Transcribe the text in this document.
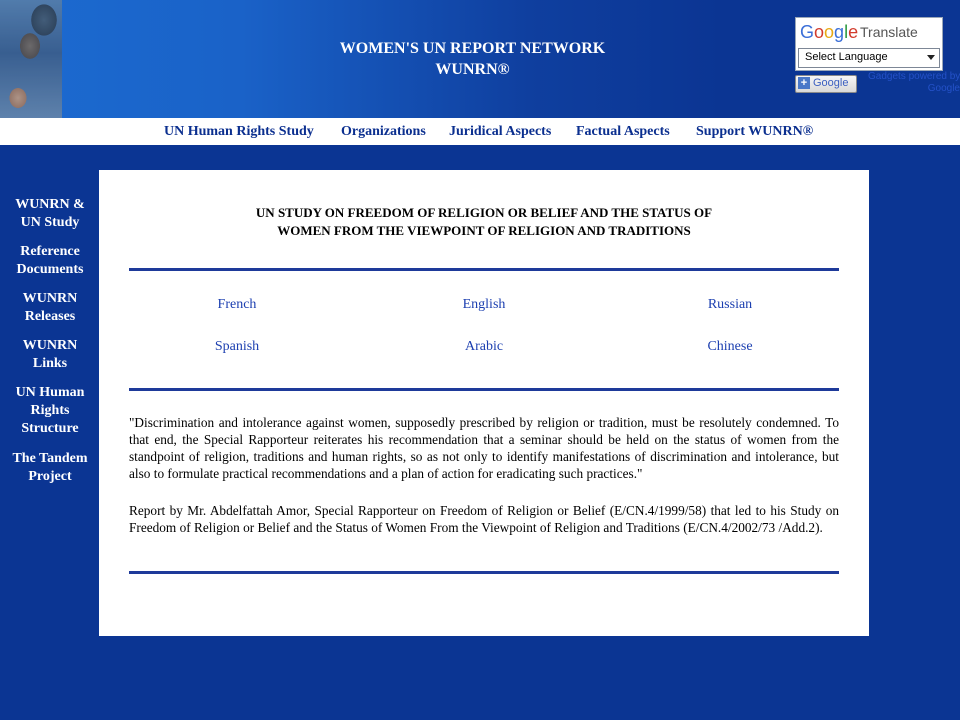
WOMEN'S UN REPORT NETWORK
WUNRN®
Google Translate
Select Language
+ Google
Gadgets powered by
Google
UN Human Rights Study Organizations Juridical Aspects Factual Aspects Support WUNRN®
WUNRN &
UN Study
Reference
Documents
WUNRN
Releases
WUNRN
Links
UN Human
Rights
Structure
The Tandem
Project
UN STUDY ON FREEDOM OF RELIGION OR BELIEF AND THE STATUS OF
WOMEN FROM THE VIEWPOINT OF RELIGION AND TRADITIONS
French	English	Russian
Spanish	Arabic	Chinese
"Discrimination and intolerance against women, supposedly prescribed by religion or tradition, must be resolutely condemned. To that end, the Special Rapporteur reiterates his recommendation that a seminar should be held on the status of women from the standpoint of religion, traditions and human rights, so as not only to identify manifestations of discrimination and intolerance, but also to formulate practical recommendations and a plan of action for eradicating such practices."
Report by Mr. Abdelfattah Amor, Special Rapporteur on Freedom of Religion or Belief (E/CN.4/1999/58) that led to his Study on Freedom of Religion or Belief and the Status of Women From the Viewpoint of Religion and Traditions (E/CN.4/2002/73 /Add.2).
